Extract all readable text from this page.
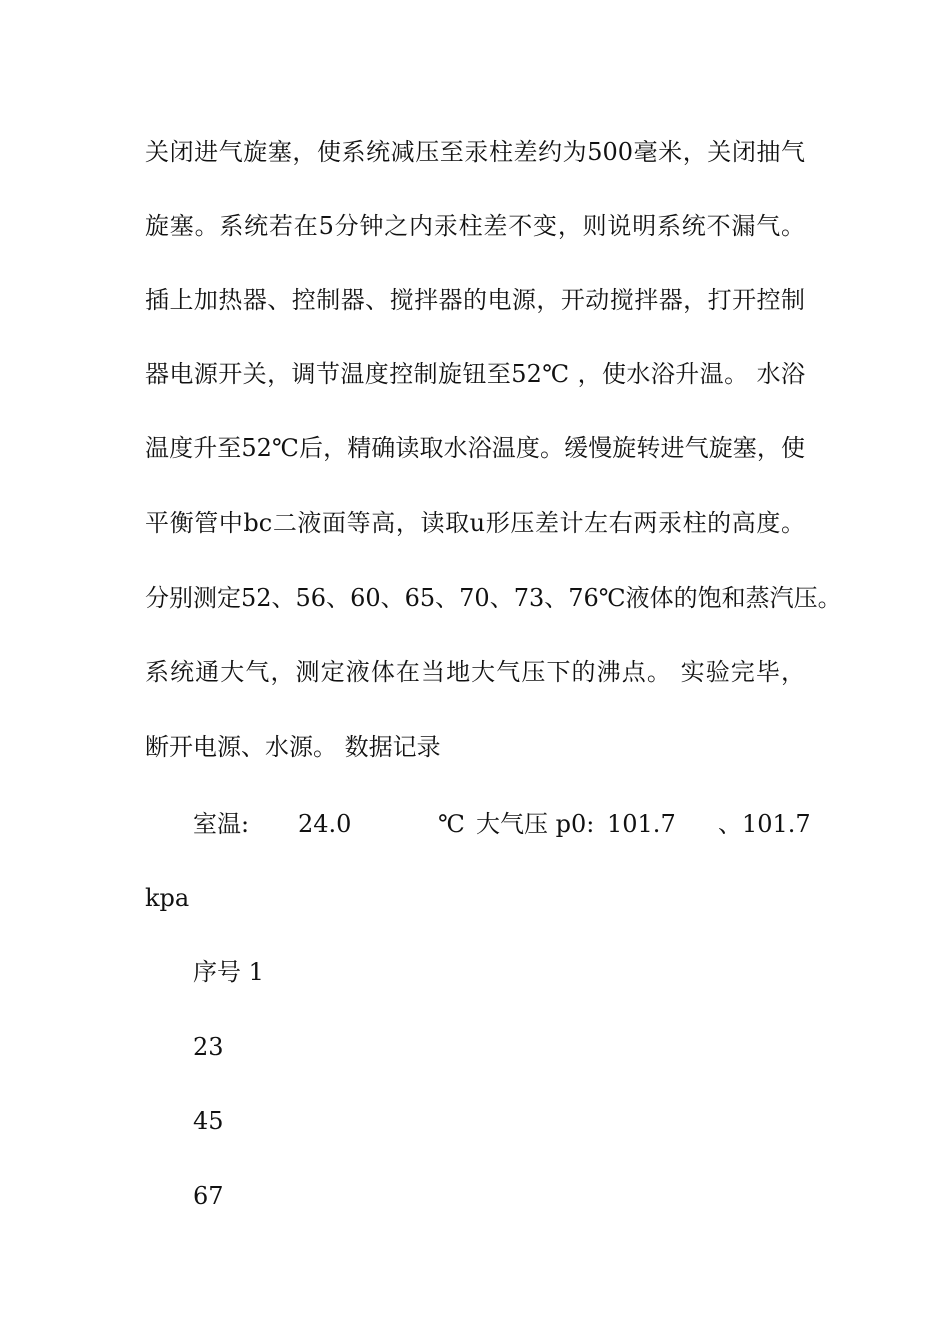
关闭进气旋塞，使系统减压至汞柱差约为500毫米，关闭抽气
旋塞。系统若在5分钟之内汞柱差不变，则说明系统不漏气。
插上加热器、控制器、搅拌器的电源，开动搅拌器，打开控制
器电源开关，调节温度控制旋钮至52℃ ，使水浴升温。 水浴
温度升至52℃后，精确读取水浴温度。缓慢旋转进气旋塞，使
平衡管中bc二液面等高，读取u形压差计左右两汞柱的高度。
分别测定52、56、60、65、70、73、76℃液体的饱和蒸汽压。
系统通大气，测定液体在当地大气压下的沸点。 实验完毕，
断开电源、水源。 数据记录
室温: 24.0	℃ 大气压 p0: 101.7 、101.7
kpa
序号 1
23
45
67
